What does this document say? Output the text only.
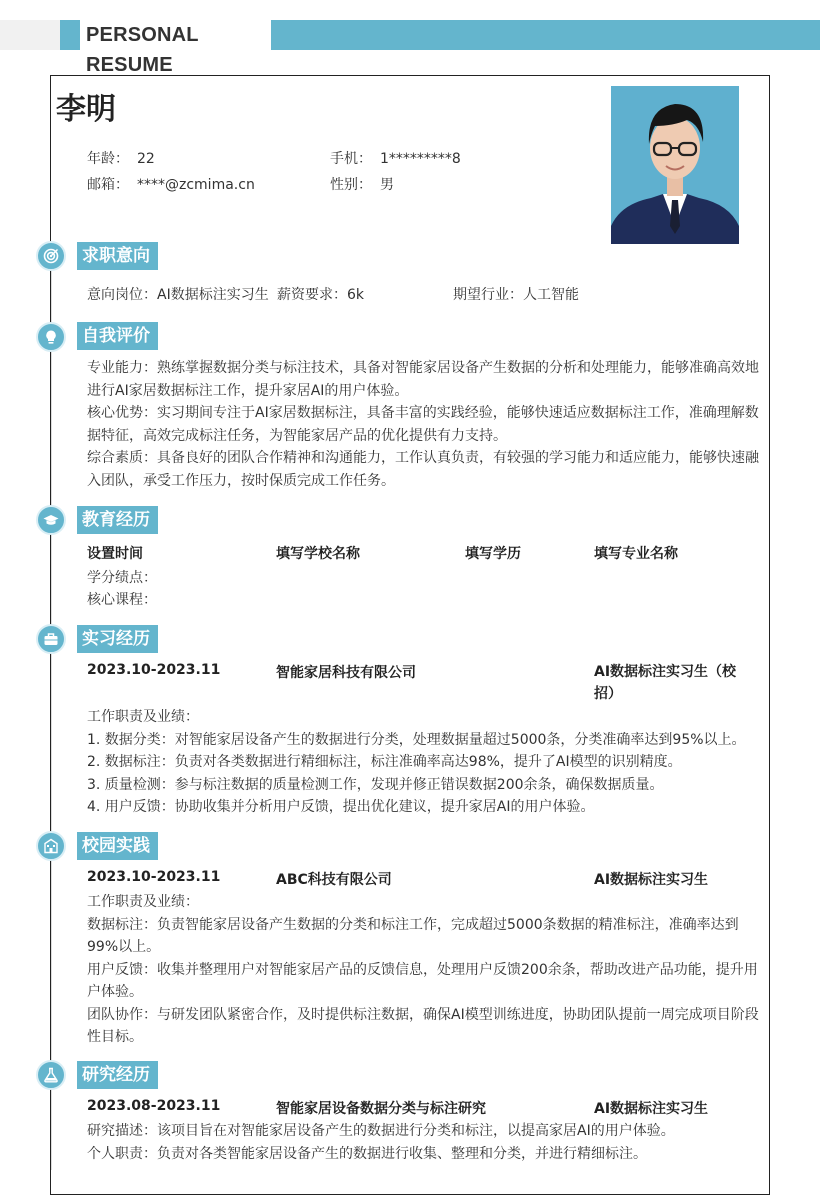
PERSONAL RESUME
李明
年龄： 22	手机： 1*********8
邮箱： ****@zcmima.cn	性别： 男
求职意向
意向岗位：AI数据标注实习生 薪资要求：6k	期望行业：人工智能
自我评价

专业能力：熟练掌握数据分类与标注技术，具备对智能家居设备产生数据的分析和处理能力，能够准确高效地进行AI家居数据标注工作，提升家居AI的用户体验。

核心优势：实习期间专注于AI家居数据标注，具备丰富的实践经验，能够快速适应数据标注工作，准确理解数据特征，高效完成标注任务，为智能家居产品的优化提供有力支持。

综合素质：具备良好的团队合作精神和沟通能力，工作认真负责，有较强的学习能力和适应能力，能够快速融入团队，承受工作压力，按时保质完成工作任务。

教育经历
设置时间	填写学校名称	填写学历	填写专业名称
学分绩点：
核心课程：
实习经历
2023.10-2023.11	智能家居科技有限公司	AI数据标注实习生（校招）

工作职责及业绩：

1. 数据分类：对智能家居设备产生的数据进行分类，处理数据量超过5000条，分类准确率达到95%以上。

2. 数据标注：负责对各类数据进行精细标注，标注准确率高达98%，提升了AI模型的识别精度。

3. 质量检测：参与标注数据的质量检测工作，发现并修正错误数据200余条，确保数据质量。

4. 用户反馈：协助收集并分析用户反馈，提出优化建议，提升家居AI的用户体验。

校园实践
2023.10-2023.11	ABC科技有限公司	AI数据标注实习生

工作职责及业绩：

数据标注：负责智能家居设备产生数据的分类和标注工作，完成超过5000条数据的精准标注，准确率达到99%以上。

用户反馈：收集并整理用户对智能家居产品的反馈信息，处理用户反馈200余条，帮助改进产品功能，提升用户体验。

团队协作：与研发团队紧密合作，及时提供标注数据，确保AI模型训练进度，协助团队提前一周完成项目阶段性目标。

研究经历
2023.08-2023.11	智能家居设备数据分类与标注研究	AI数据标注实习生

研究描述：该项目旨在对智能家居设备产生的数据进行分类和标注，以提高家居AI的用户体验。

个人职责：负责对各类智能家居设备产生的数据进行收集、整理和分类，并进行精细标注。
